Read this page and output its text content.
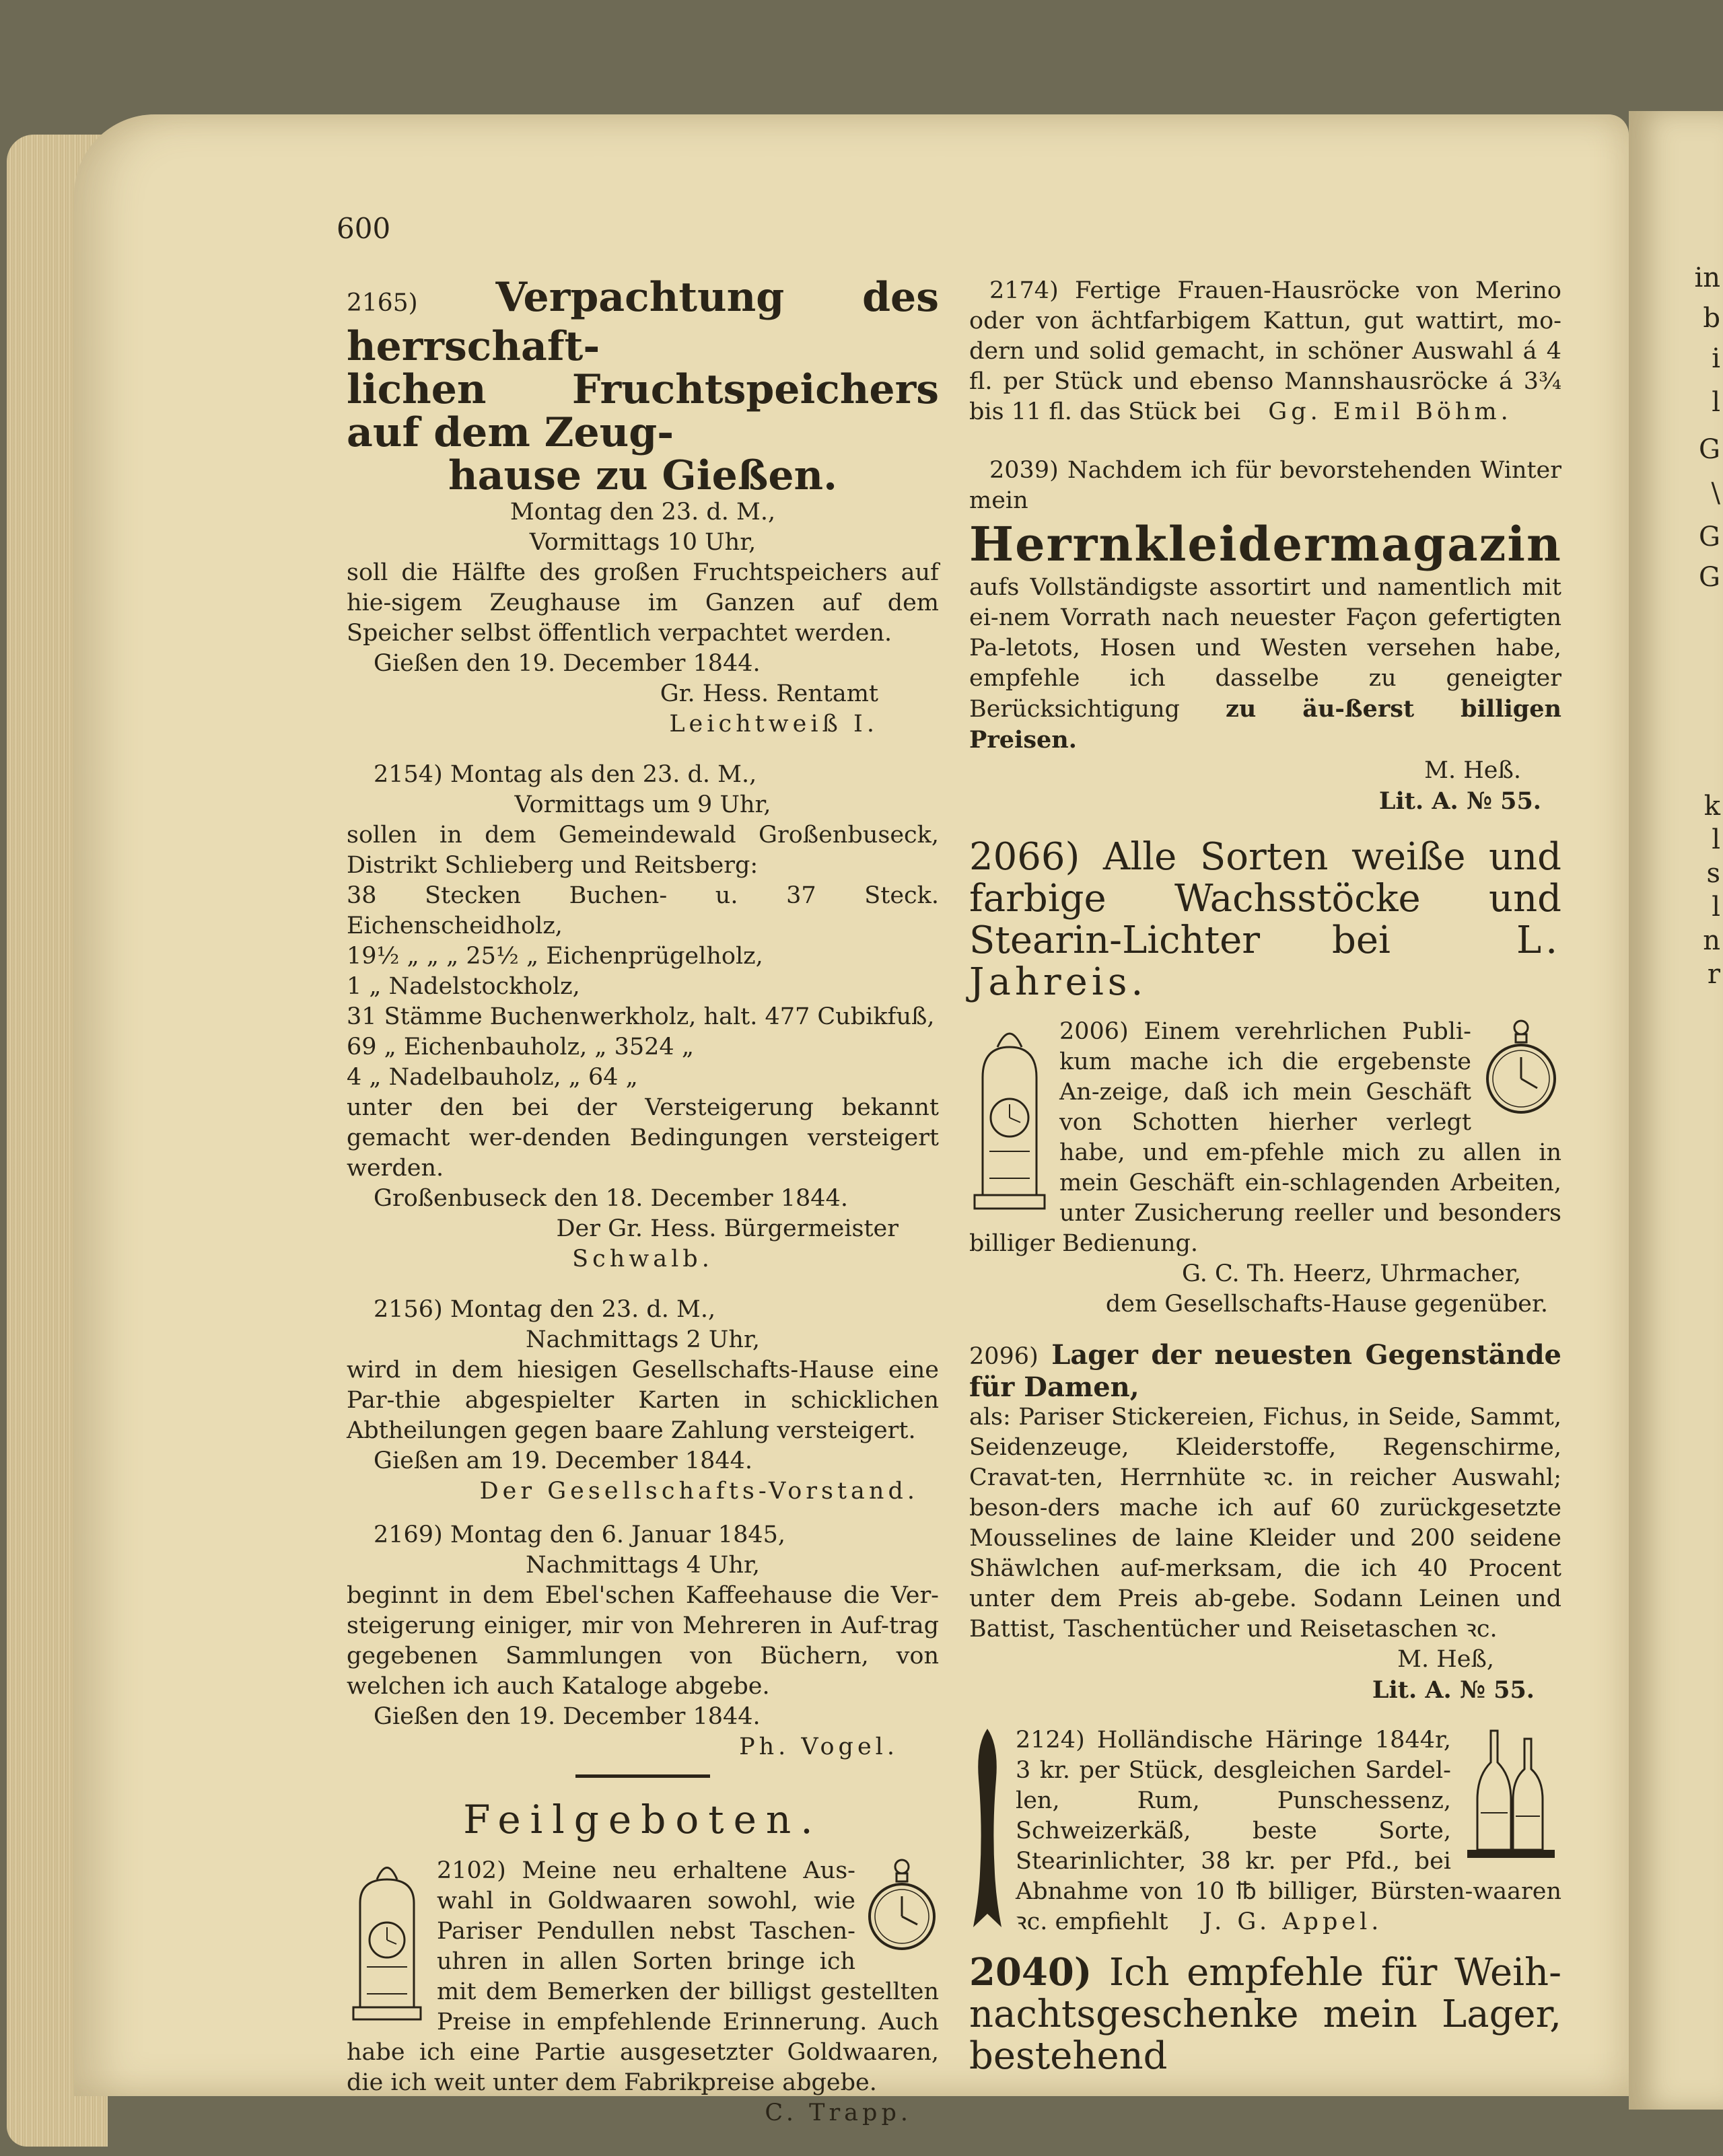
in
b
i
l
G
\
G
G
k
l
s
l
n
r
600

2165) Verpachtung des herrschaft-

lichen Fruchtspeichers auf dem Zeug-

hause zu Gießen.

Montag den 23. d. M.,

Vormittags 10 Uhr,

soll die Hälfte des großen Fruchtspeichers auf hie-sigem Zeughause im Ganzen auf dem Speicher selbst öffentlich verpachtet werden.

Gießen den 19. December 1844.

Gr. Hess. Rentamt

Leichtweiß I.

2154) Montag als den 23. d. M.,

Vormittags um 9 Uhr,

sollen in dem Gemeindewald Großenbuseck, Distrikt Schlieberg und Reitsberg:

38 Stecken Buchen- u. 37 Steck. Eichenscheidholz,

19½ „ „ „ 25½ „ Eichenprügelholz,

1 „ Nadelstockholz,

31 Stämme Buchenwerkholz, halt. 477 Cubikfuß,

69 „ Eichenbauholz, „ 3524 „

4 „ Nadelbauholz, „ 64 „

unter den bei der Versteigerung bekannt gemacht wer-denden Bedingungen versteigert werden.

Großenbuseck den 18. December 1844.

Der Gr. Hess. Bürgermeister

Schwalb.

2156) Montag den 23. d. M.,

Nachmittags 2 Uhr,

wird in dem hiesigen Gesellschafts-Hause eine Par-thie abgespielter Karten in schicklichen Abtheilungen gegen baare Zahlung versteigert.

Gießen am 19. December 1844.

Der Gesellschafts-Vorstand.

2169) Montag den 6. Januar 1845,

Nachmittags 4 Uhr,

beginnt in dem Ebel'schen Kaffeehause die Ver-steigerung einiger, mir von Mehreren in Auf-trag gegebenen Sammlungen von Büchern, von welchen ich auch Kataloge abgebe.

Gießen den 19. December 1844.

Ph. Vogel.

Feilgeboten.

2102) Meine neu erhaltene Aus-wahl in Goldwaaren sowohl, wie Pariser Pendullen nebst Taschen-uhren in allen Sorten bringe ich mit dem Bemerken der billigst gestellten Preise in empfehlende Erinnerung. Auch habe ich eine Partie ausgesetzter Goldwaaren, die ich weit unter dem Fabrikpreise abgebe.

C. Trapp.

2174) Fertige Frauen-Hausröcke von Merino oder von ächtfarbigem Kattun, gut wattirt, mo-dern und solid gemacht, in schöner Auswahl á 4 fl. per Stück und ebenso Mannshausröcke á 3¾ bis 11 fl. das Stück bei Gg. Emil Böhm.

2039) Nachdem ich für bevorstehenden Winter mein

Herrnkleidermagazin

aufs Vollständigste assortirt und namentlich mit ei-nem Vorrath nach neuester Façon gefertigten Pa-letots, Hosen und Westen versehen habe, empfehle ich dasselbe zu geneigter Berücksichtigung zu äu-ßerst billigen Preisen.

M. Heß.

Lit. A. № 55.

2066) Alle Sorten weiße und farbige Wachsstöcke und Stearin-Lichter bei	L. Jahreis.

2006) Einem verehrlichen Publi-kum mache ich die ergebenste An-zeige, daß ich mein Geschäft von Schotten hierher verlegt habe, und em-pfehle mich zu allen in mein Geschäft ein-schlagenden Arbeiten, unter Zusicherung reeller und besonders billiger Bedienung.

G. C. Th. Heerz, Uhrmacher,

dem Gesellschafts-Hause gegenüber.

2096) Lager der neuesten Gegenstände für Damen,

als: Pariser Stickereien, Fichus, in Seide, Sammt, Seidenzeuge, Kleiderstoffe, Regenschirme, Cravat-ten, Herrnhüte ꝛc. in reicher Auswahl; beson-ders mache ich auf 60 zurückgesetzte Mousselines de laine Kleider und 200 seidene Shäwlchen auf-merksam, die ich 40 Procent unter dem Preis ab-gebe. Sodann Leinen und Battist, Taschentücher und Reisetaschen ꝛc.

M. Heß,

Lit. A. № 55.

2124) Holländische Häringe 1844r, 3 kr. per Stück, desgleichen Sardel-len, Rum, Punschessenz, Schweizerkäß, beste Sorte, Stearinlichter, 38 kr. per Pfd., bei Abnahme von 10 ℔ billiger, Bürsten-waaren ꝛc. empfiehlt J. G. Appel.

2040) Ich empfehle für Weih-nachtsgeschenke mein Lager, bestehend
